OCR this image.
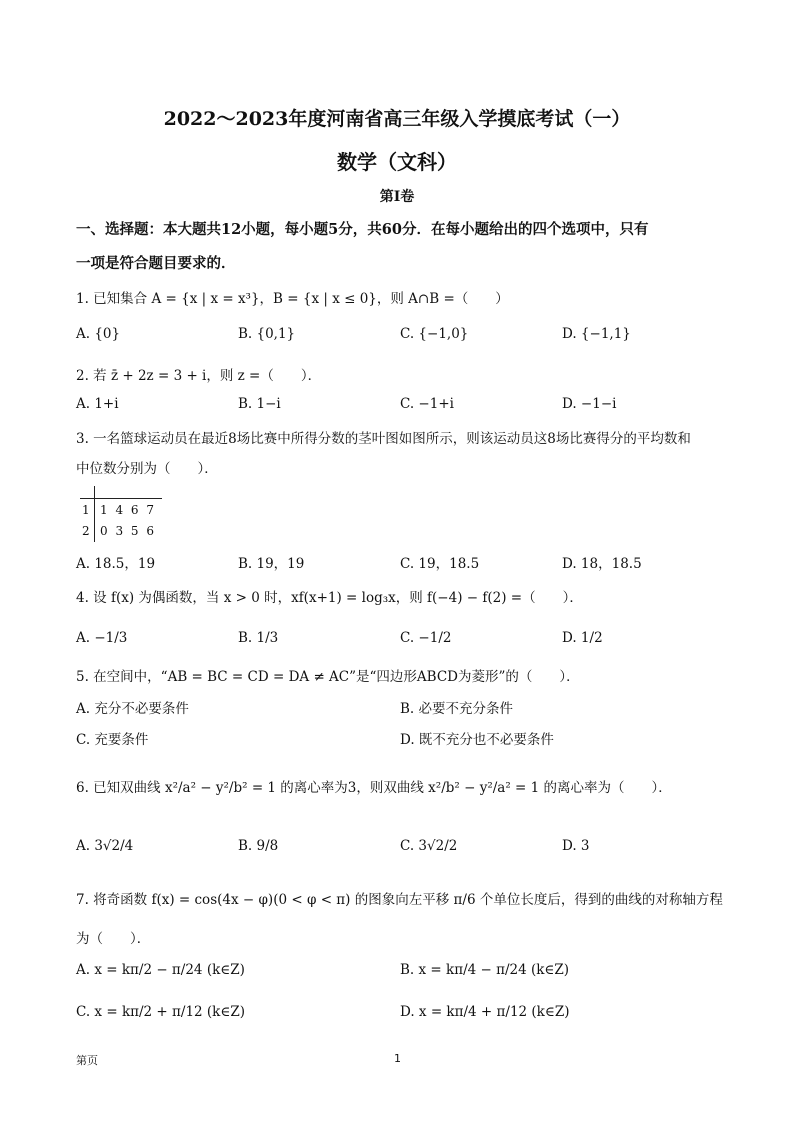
2022～2023年度河南省高三年级入学摸底考试（一）
数学（文科）
第Ⅰ卷
一、选择题：本大题共12小题，每小题5分，共60分．在每小题给出的四个选项中，只有
一项是符合题目要求的．
1. 已知集合 A = {x | x = x³}，B = {x | x ≤ 0}，则 A∩B =（　　）
A. {0}	B. {0,1}	C. {−1,0}	D. {−1,1}
2. 若 z̄ + 2z = 3 + i，则 z =（　　）．
A. 1+i	B. 1−i	C. −1+i	D. −1−i
3. 一名篮球运动员在最近8场比赛中所得分数的茎叶图如图所示，则该运动员这8场比赛得分的平均数和
中位数分别为（　　）．
1 1 4 6 7
2 0 3 5 6
A. 18.5，19	B. 19，19	C. 19，18.5	D. 18，18.5
4. 设 f(x) 为偶函数，当 x > 0 时，xf(x+1) = log₃x，则 f(−4) − f(2) =（　　）．
A. −1/3	B. 1/3	C. −1/2	D. 1/2
5. 在空间中，“AB = BC = CD = DA ≠ AC”是“四边形ABCD为菱形”的（　　）．
A. 充分不必要条件	B. 必要不充分条件
C. 充要条件	D. 既不充分也不必要条件
6. 已知双曲线 x²/a² − y²/b² = 1 的离心率为3，则双曲线 x²/b² − y²/a² = 1 的离心率为（　　）．
A. 3√2/4	B. 9/8	C. 3√2/2	D. 3
7. 将奇函数 f(x) = cos(4x − φ)(0 < φ < π) 的图象向左平移 π/6 个单位长度后，得到的曲线的对称轴方程
为（　　）．
A. x = kπ/2 − π/24 (k∈Z)	B. x = kπ/4 − π/24 (k∈Z)
C. x = kπ/2 + π/12 (k∈Z)	D. x = kπ/4 + π/12 (k∈Z)
第页	1
